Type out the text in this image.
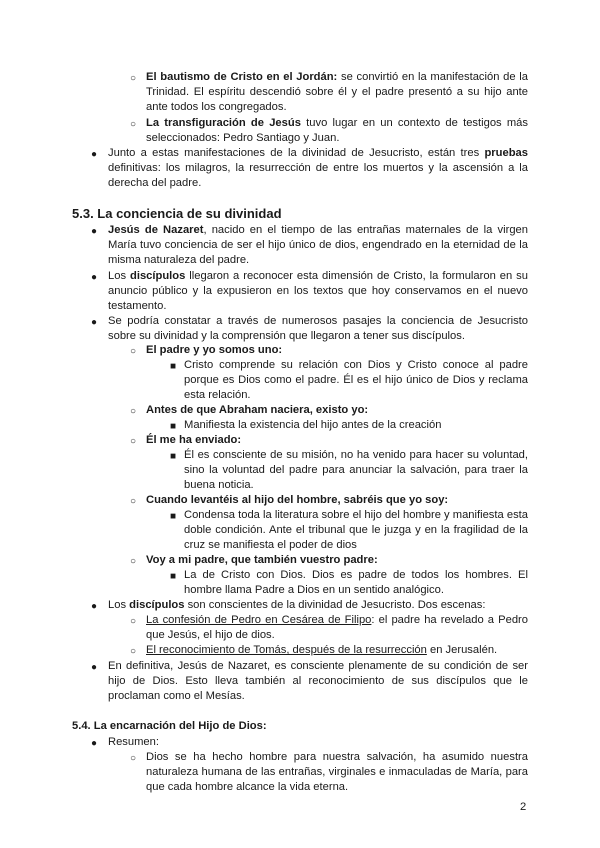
○ El bautismo de Cristo en el Jordán: se convirtió en la manifestación de la
Trinidad. El espíritu descendió sobre él y el padre presentó a su hijo ante
ante todos los congregados.
○ La transfiguración de Jesús tuvo lugar en un contexto de testigos más
seleccionados: Pedro Santiago y Juan.
● Junto a estas manifestaciones de la divinidad de Jesucristo, están tres pruebas
definitivas: los milagros, la resurrección de entre los muertos y la ascensión a la
derecha del padre.
5.3. La conciencia de su divinidad
● Jesús de Nazaret, nacido en el tiempo de las entrañas maternales de la virgen
María tuvo conciencia de ser el hijo único de dios, engendrado en la eternidad de la
misma naturaleza del padre.
● Los discípulos llegaron a reconocer esta dimensión de Cristo, la formularon en su
anuncio público y la expusieron en los textos que hoy conservamos en el nuevo
testamento.
● Se podría constatar a través de numerosos pasajes la conciencia de Jesucristo
sobre su divinidad y la comprensión que llegaron a tener sus discípulos.
○ El padre y yo somos uno:
■ Cristo comprende su relación con Dios y Cristo conoce al padre
porque es Dios como el padre. Él es el hijo único de Dios y reclama
esta relación.
○ Antes de que Abraham naciera, existo yo:
■ Manifiesta la existencia del hijo antes de la creación
○ Él me ha enviado:
■ Él es consciente de su misión, no ha venido para hacer su voluntad,
sino la voluntad del padre para anunciar la salvación, para traer la
buena noticia.
○ Cuando levantéis al hijo del hombre, sabréis que yo soy:
■ Condensa toda la literatura sobre el hijo del hombre y manifiesta esta
doble condición. Ante el tribunal que le juzga y en la fragilidad de la
cruz se manifiesta el poder de dios
○ Voy a mi padre, que también vuestro padre:
■ La de Cristo con Dios. Dios es padre de todos los hombres. El
hombre llama Padre a Dios en un sentido analógico.
● Los discípulos son conscientes de la divinidad de Jesucristo. Dos escenas:
○ La confesión de Pedro en Cesárea de Filipo: el padre ha revelado a Pedro
que Jesús, el hijo de dios.
○ El reconocimiento de Tomás, después de la resurrección en Jerusalén.
● En definitiva, Jesús de Nazaret, es consciente plenamente de su condición de ser
hijo de Dios. Esto lleva también al reconocimiento de sus discípulos que le
proclaman como el Mesías.
5.4. La encarnación del Hijo de Dios:
● Resumen:
○ Dios se ha hecho hombre para nuestra salvación, ha asumido nuestra
naturaleza humana de las entrañas, virginales e inmaculadas de María, para
que cada hombre alcance la vida eterna.
2
